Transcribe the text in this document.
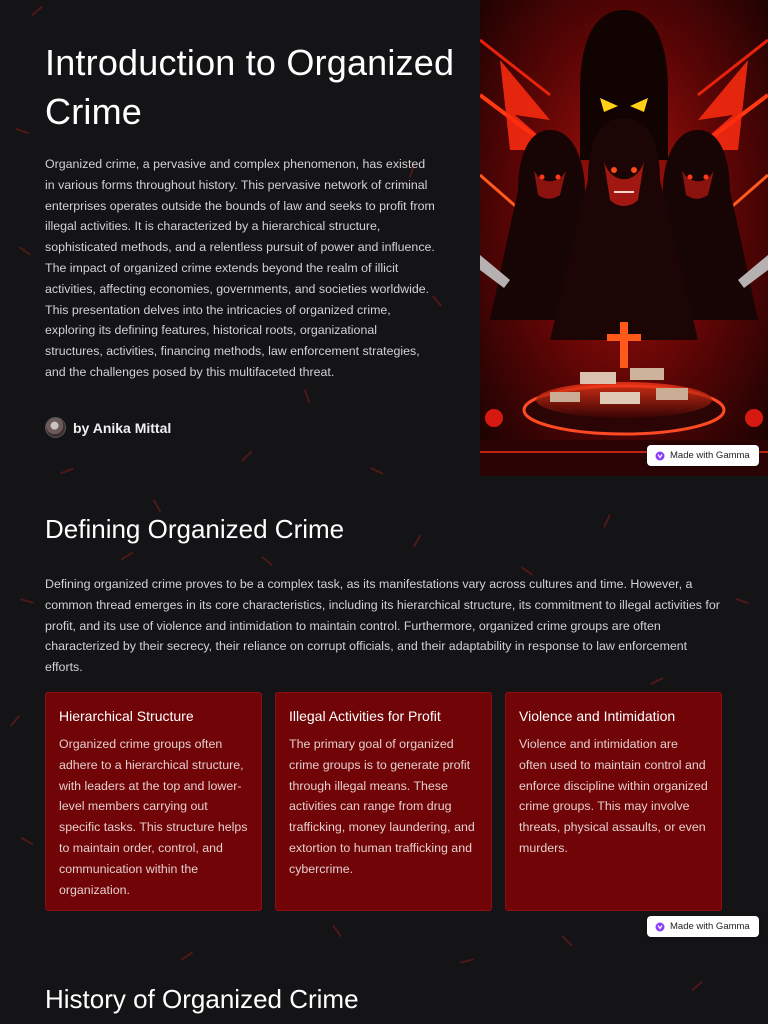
Introduction to Organized Crime

Organized crime, a pervasive and complex phenomenon, has existed in various forms throughout history. This pervasive network of criminal enterprises operates outside the bounds of law and seeks to profit from illegal activities. It is characterized by a hierarchical structure, sophisticated methods, and a relentless pursuit of power and influence. The impact of organized crime extends beyond the realm of illicit activities, affecting economies, governments, and societies worldwide. This presentation delves into the intricacies of organized crime, exploring its defining features, historical roots, organizational structures, activities, financing methods, law enforcement strategies, and the challenges posed by this multifaceted threat.

by Anika Mittal
Made with Gamma
Defining Organized Crime

Defining organized crime proves to be a complex task, as its manifestations vary across cultures and time. However, a common thread emerges in its core characteristics, including its hierarchical structure, its commitment to illegal activities for profit, and its use of violence and intimidation to maintain control. Furthermore, organized crime groups are often characterized by their secrecy, their reliance on corrupt officials, and their adaptability in response to law enforcement efforts.

Hierarchical Structure

Organized crime groups often adhere to a hierarchical structure, with leaders at the top and lower-level members carrying out specific tasks. This structure helps to maintain order, control, and communication within the organization.

Illegal Activities for Profit

The primary goal of organized crime groups is to generate profit through illegal means. These activities can range from drug trafficking, money laundering, and extortion to human trafficking and cybercrime.

Violence and Intimidation

Violence and intimidation are often used to maintain control and enforce discipline within organized crime groups. This may involve threats, physical assaults, or even murders.

Made with Gamma
History of Organized Crime
